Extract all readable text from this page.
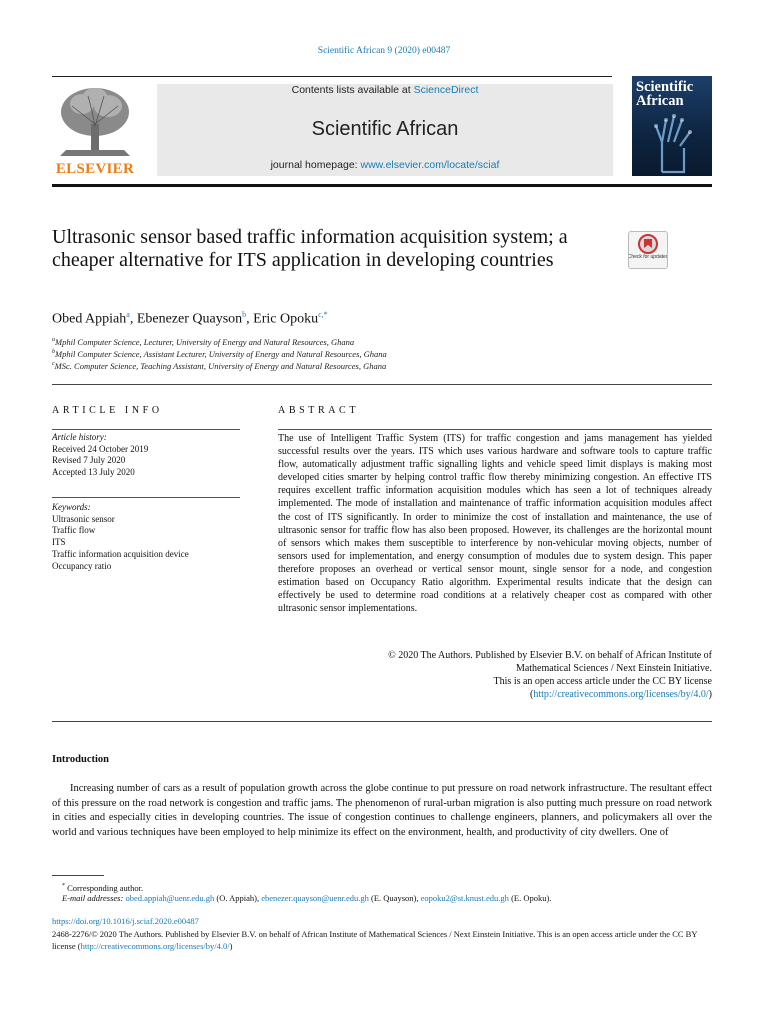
Scientific African 9 (2020) e00487
ELSEVIER
Contents lists available at ScienceDirect
Scientific African
journal homepage: www.elsevier.com/locate/sciaf
Scientific
African
Ultrasonic sensor based traffic information acquisition system; a cheaper alternative for ITS application in developing countries	Check for updates
Obed Appiah$^a$, Ebenezer Quayson$^b$, Eric Opoku$^{c,*}$
$^a$Mphil Computer Science, Lecturer, University of Energy and Natural Resources, Ghana
$^b$Mphil Computer Science, Assistant Lecturer, University of Energy and Natural Resources, Ghana
$^c$MSc. Computer Science, Teaching Assistant, University of Energy and Natural Resources, Ghana
ARTICLE INFO
Article history:
Received 24 October 2019
Revised 7 July 2020
Accepted 13 July 2020
Keywords:
Ultrasonic sensor
Traffic flow
ITS
Traffic information acquisition device
Occupancy ratio
ABSTRACT
The use of Intelligent Traffic System (ITS) for traffic congestion and jams management has yielded successful results over the years. ITS which uses various hardware and software tools to capture traffic flow, automatically adjustment traffic signalling lights and vehicle speed limit displays is making most developed cities smarter by helping control traffic flow thereby minimizing congestion. An effective ITS requires excellent traffic information acquisition modules which has seen a lot of techniques already implemented. The mode of installation and maintenance of traffic information acquisition modules affect the cost of ITS significantly. In order to minimize the cost of installation and maintenance, the use of ultrasonic sensor for traffic flow has also been proposed. However, its challenges are the horizontal mount of sensors which makes them susceptible to interference by non-vehicular moving objects, number of sensors used for implementation, and energy consumption of modules due to system design. This paper therefore proposes an overhead or vertical sensor mount, single sensor for a node, and congestion estimation based on Occupancy Ratio algorithm. Experimental results indicate that the design can effectively be used to determine road conditions at a relatively cheaper cost as compared with other ultrasonic sensor implementations.
© 2020 The Authors. Published by Elsevier B.V. on behalf of African Institute of
Mathematical Sciences / Next Einstein Initiative.
This is an open access article under the CC BY license
(http://creativecommons.org/licenses/by/4.0/)
Introduction
Increasing number of cars as a result of population growth across the globe continue to put pressure on road network infrastructure. The resultant effect of this pressure on the road network is congestion and traffic jams. The phenomenon of rural-urban migration is also putting much pressure on road network in cities and especially cities in developing countries. The issue of congestion continues to challenge engineers, planners, and policymakers all over the world and various techniques have been employed to help minimize its effect on the environment, health, and productivity of city dwellers. One of
* Corresponding author.
E-mail addresses: obed.appiah@uenr.edu.gh (O. Appiah), ebenezer.quayson@uenr.edu.gh (E. Quayson), eopoku2@st.knust.edu.gh (E. Opoku).
https://doi.org/10.1016/j.sciaf.2020.e00487
2468-2276/© 2020 The Authors. Published by Elsevier B.V. on behalf of African Institute of Mathematical Sciences / Next Einstein Initiative. This is an open access article under the CC BY license (http://creativecommons.org/licenses/by/4.0/)
